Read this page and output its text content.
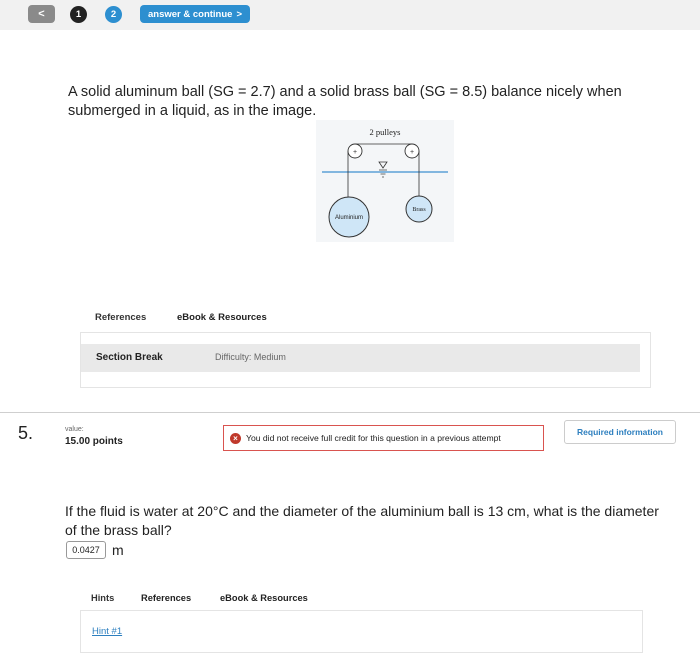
<	1	2	answer & continue >
A solid aluminum ball (SG = 2.7) and a solid brass ball (SG = 8.5) balance nicely when submerged in a liquid, as in the image.
2 pulleys
+	+
Aluminium
Brass
References	eBook & Resources
Section Break	Difficulty: Medium
5.	value:
15.00 points	× You did not receive full credit for this question in a previous attempt
Required information
If the fluid is water at 20°C and the diameter of the aluminium ball is 13 cm, what is the diameter of the brass ball?
0.0427 m
Hints	References	eBook & Resources
Hint #1
